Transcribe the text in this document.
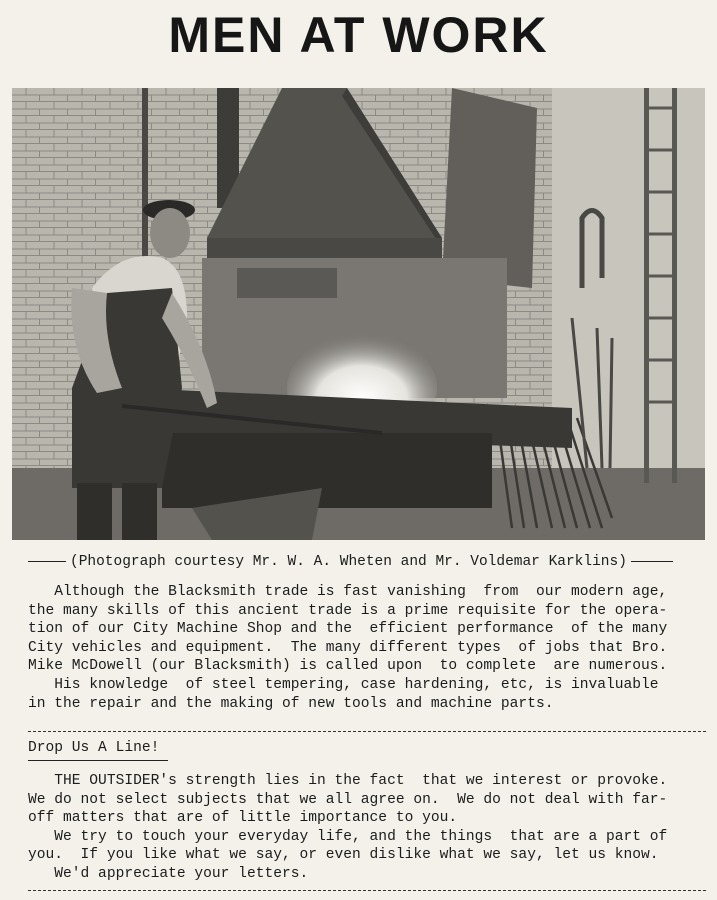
MEN AT WORK
(Photograph courtesy Mr. W. A. Wheten and Mr. Voldemar Karklins)
Although the Blacksmith trade is fast vanishing  from  our modern age,
the many skills of this ancient trade is a prime requisite for the opera-
tion of our City Machine Shop and the  efficient performance  of the many
City vehicles and equipment.  The many different types  of jobs that Bro.
Mike McDowell (our Blacksmith) is called upon  to complete  are numerous.
His knowledge  of steel tempering, case hardening, etc, is invaluable
in the repair and the making of new tools and machine parts.
Drop Us A Line!
THE OUTSIDER's strength lies in the fact  that we interest or provoke.
We do not select subjects that we all agree on.  We do not deal with far-
off matters that are of little importance to you.
We try to touch your everyday life, and the things  that are a part of
you.  If you like what we say, or even dislike what we say, let us know.
We'd appreciate your letters.
